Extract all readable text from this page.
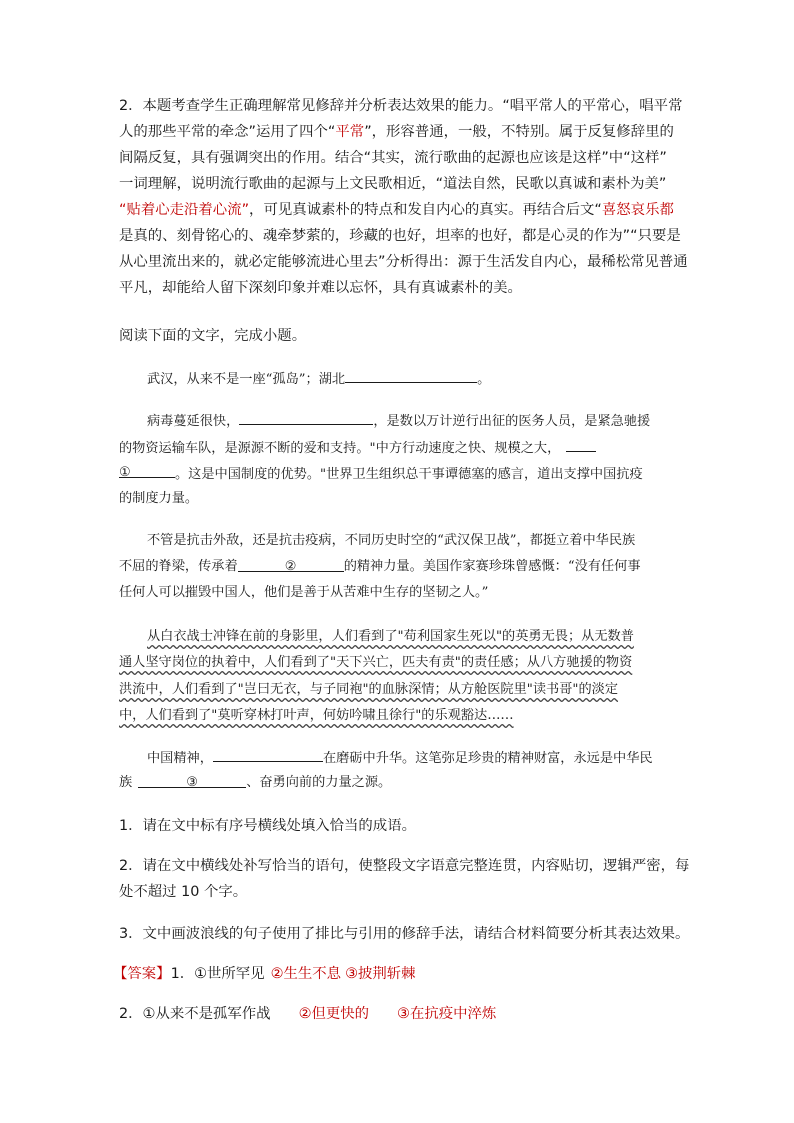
2．本题考查学生正确理解常见修辞并分析表达效果的能力。“唱平常人的平常心，唱平常
人的那些平常的牵念”运用了四个“平常”，形容普通，一般，不特别。属于反复修辞里的
间隔反复，具有强调突出的作用。结合“其实，流行歌曲的起源也应该是这样”中“这样”
一词理解，说明流行歌曲的起源与上文民歌相近，“道法自然，民歌以真诚和素朴为美”
“贴着心走沿着心流”，可见真诚素朴的特点和发自内心的真实。再结合后文“喜怒哀乐都
是真的、刻骨铭心的、魂牵梦萦的，珍藏的也好，坦率的也好，都是心灵的作为”“只要是
从心里流出来的，就必定能够流进心里去”分析得出：源于生活发自内心，最稀松常见普通
平凡，却能给人留下深刻印象并难以忘怀，具有真诚素朴的美。
阅读下面的文字，完成小题。
武汉，从来不是一座“孤岛”；湖北	。
病毒蔓延很快，	，是数以万计逆行出征的医务人员，是紧急驰援
的物资运输车队，是源源不断的爱和支持。"中方行动速度之快、规模之大，
①	。这是中国制度的优势。"世界卫生组织总干事谭德塞的感言，道出支撑中国抗疫
的制度力量。
不管是抗击外敌，还是抗击疫病，不同历史时空的“武汉保卫战”，都挺立着中华民族
不屈的脊梁，传承着	②	的精神力量。美国作家赛珍珠曾感慨：“没有任何事
任何人可以摧毁中国人，他们是善于从苦难中生存的坚韧之人。”
从白衣战士冲锋在前的身影里，人们看到了"苟利国家生死以"的英勇无畏；从无数普
通人坚守岗位的执着中，人们看到了"天下兴亡，匹夫有责"的责任感；从八方驰援的物资
洪流中，人们看到了"岂曰无衣，与子同袍"的血脉深情；从方舱医院里"读书哥"的淡定
中，人们看到了"莫听穿林打叶声，何妨吟啸且徐行"的乐观豁达……
中国精神，	在磨砺中升华。这笔弥足珍贵的精神财富，永远是中华民
族	③	、奋勇向前的力量之源。
1．请在文中标有序号横线处填入恰当的成语。
2．请在文中横线处补写恰当的语句，使整段文字语意完整连贯，内容贴切，逻辑严密，每
处不超过 10 个字。
3．文中画波浪线的句子使用了排比与引用的修辞手法，请结合材料简要分析其表达效果。
【答案】1．①世所罕见 ②生生不息 ③披荆斩棘
2．①从来不是孤军作战 ②但更快的 ③在抗疫中淬炼
